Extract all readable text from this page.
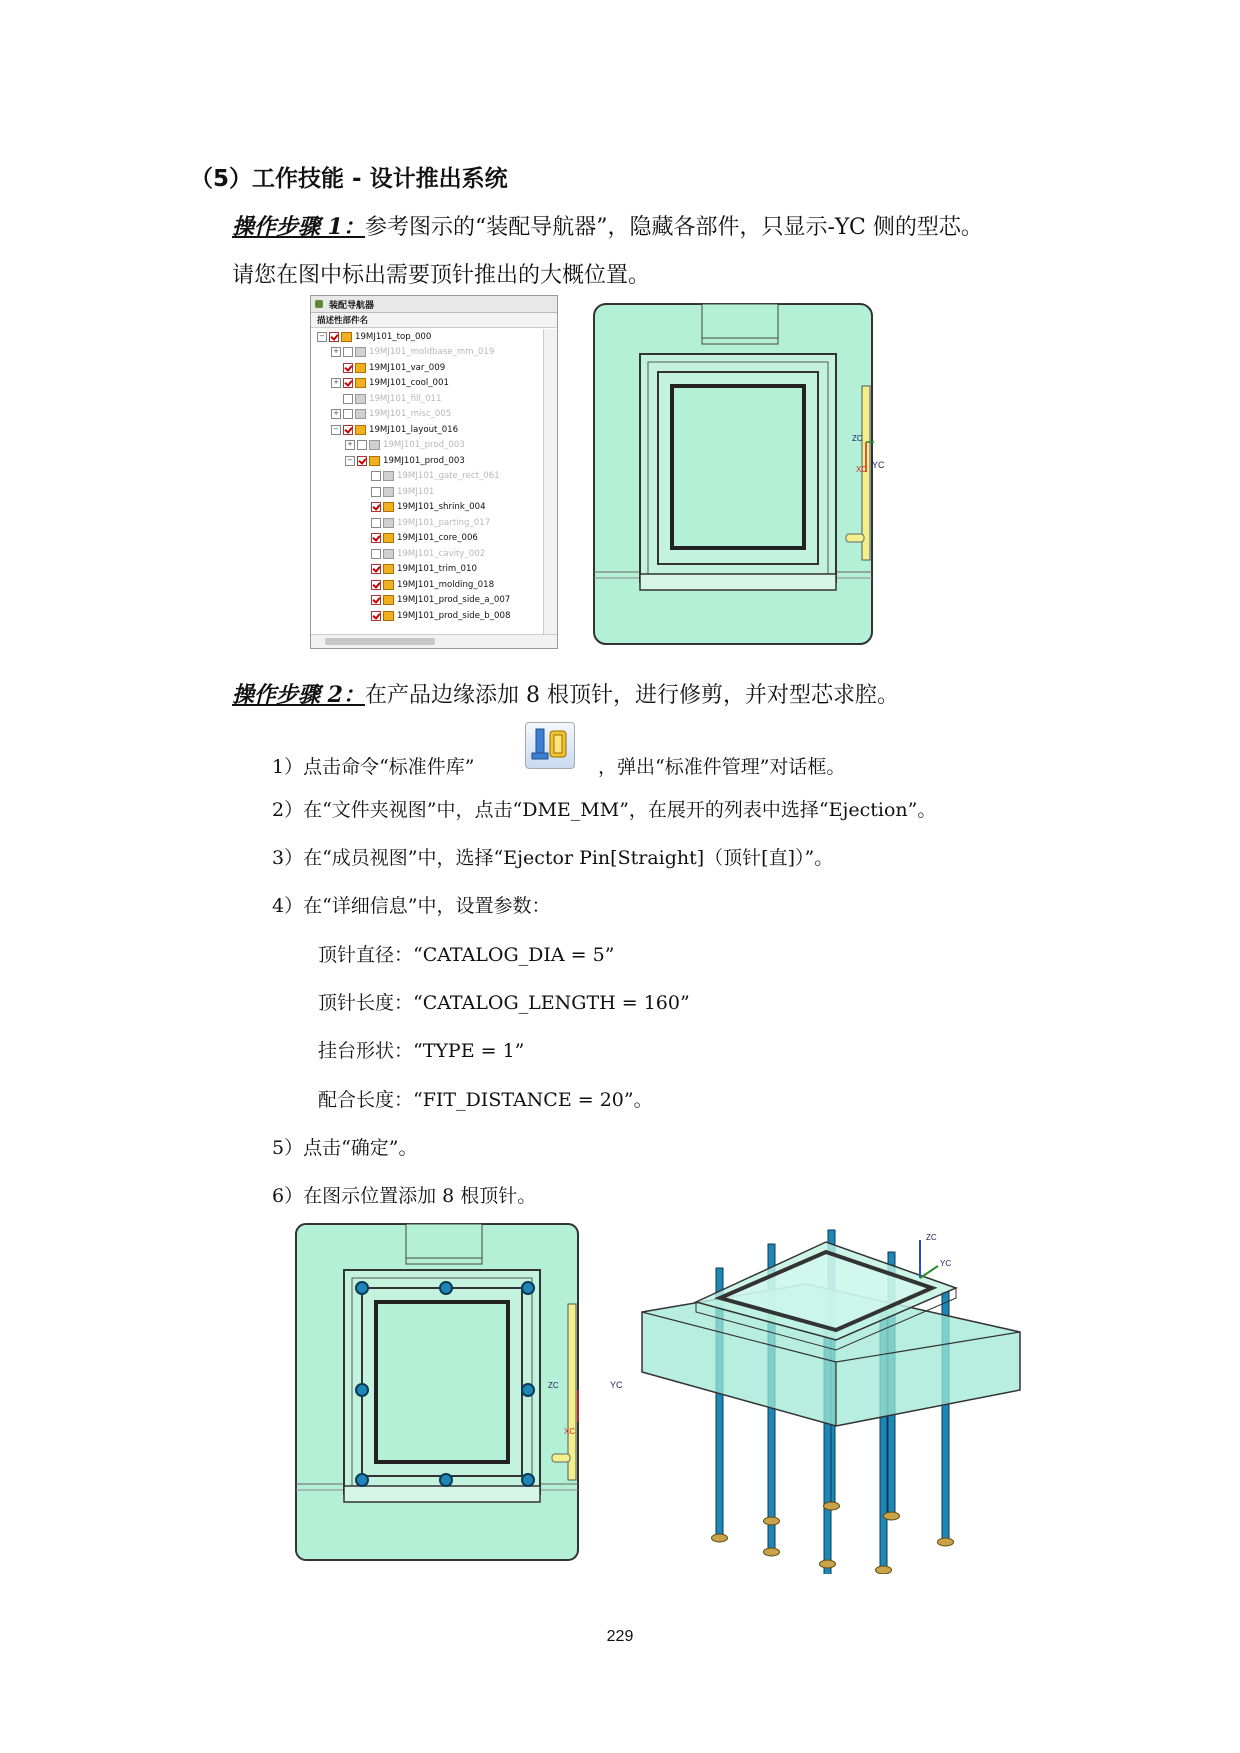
（5）工作技能 - 设计推出系统
操作步骤 1：参考图示的“装配导航器”，隐藏各部件，只显示-YC 侧的型芯。
请您在图中标出需要顶针推出的大概位置。
装配导航器
描述性部件名
−	19MJ101_top_000
+	19MJ101_moldbase_mm_019
19MJ101_var_009
+	19MJ101_cool_001
19MJ101_fill_011
+	19MJ101_misc_005
−	19MJ101_layout_016
+	19MJ101_prod_003
−	19MJ101_prod_003
19MJ101_gate_rect_061
19MJ101
19MJ101_shrink_004
19MJ101_parting_017
19MJ101_core_006
19MJ101_cavity_002
19MJ101_trim_010
19MJ101_molding_018
19MJ101_prod_side_a_007
19MJ101_prod_side_b_008
XC
ZC
YC
操作步骤 2：在产品边缘添加 8 根顶针，进行修剪，并对型芯求腔。
1）点击命令“标准件库”	，弹出“标准件管理”对话框。
2）在“文件夹视图”中，点击“DME_MM”，在展开的列表中选择“Ejection”。
3）在“成员视图”中，选择“Ejector Pin[Straight]（顶针[直]）”。
4）在“详细信息”中，设置参数：
顶针直径：“CATALOG_DIA = 5”
顶针长度：“CATALOG_LENGTH = 160”
挂台形状：“TYPE = 1”
配合长度：“FIT_DISTANCE = 20”。
5）点击“确定”。
6）在图示位置添加 8 根顶针。
XC
ZC	YC
ZC
YC
229
